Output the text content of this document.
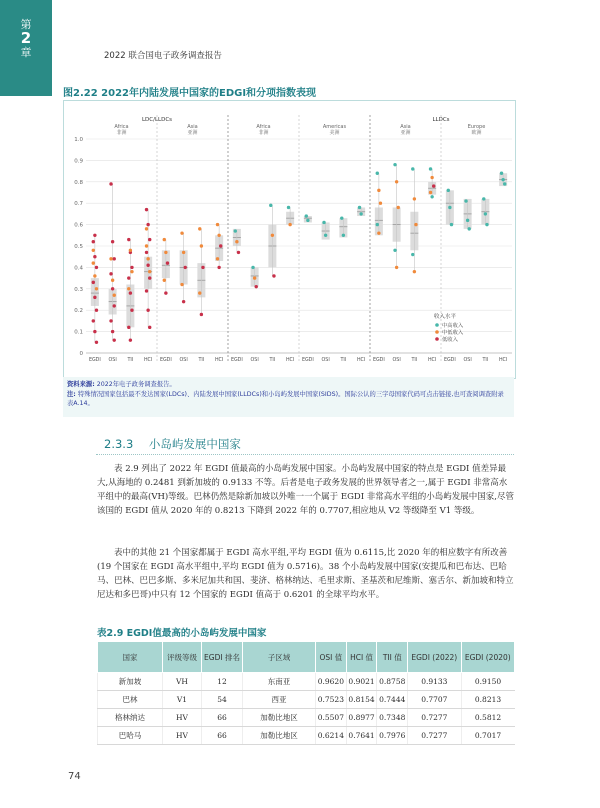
第
2
章	2022 联合国电子政务调查报告
图2.22 2022年内陆发展中国家的EDGI和分项指数表现
0
0.1
0.2
0.3
0.4
0.5
0.6
0.7
0.8
0.9
1.0
LDC/LLDCs
Africa
非洲
Asia
亚洲
Africa
非洲
Americas
美洲
LLDCs
Asia
亚洲
Europe
欧洲
EGDI OSI TII HCI EGDI OSI TII HCI EGDI OSI TII HCI EGDI OSI TII HCI EGDI OSI TII HCI EGDI OSI TII HCI
收入水平
中高收入
中低收入
低收入
资料来源: 2022年电子政务调查报告。
注: 特殊情况国家包括最不发达国家(LDCs)、内陆发展中国家(LLDCs)和小岛屿发展中国家(SIDS)。国际公认的三字母国家代码可点击链接,也可查阅调查附录表A.14。
2.3.3 小岛屿发展中国家
表 2.9 列出了 2022 年 EGDI 值最高的小岛屿发展中国家。小岛屿发展中国家的特点是 EGDI 值差异最大,从海地的 0.2481 到新加坡的 0.9133 不等。后者是电子政务发展的世界领导者之一,属于 EGDI 非常高水平组中的最高(VH)等级。巴林仍然是除新加坡以外唯一一个属于 EGDI 非常高水平组的小岛屿发展中国家,尽管该国的 EGDI 值从 2020 年的 0.8213 下降到 2022 年的 0.7707,相应地从 V2 等级降至 V1 等级。
表中的其他 21 个国家都属于 EGDI 高水平组,平均 EGDI 值为 0.6115,比 2020 年的相应数字有所改善(19 个国家在 EGDI 高水平组中,平均 EGDI 值为 0.5716)。38 个小岛屿发展中国家(安提瓜和巴布达、巴哈马、巴林、巴巴多斯、多米尼加共和国、斐济、格林纳达、毛里求斯、圣基茨和尼维斯、塞舌尔、新加坡和特立尼达和多巴哥)中只有 12 个国家的 EGDI 值高于 0.6201 的全球平均水平。
表2.9 EGDI值最高的小岛屿发展中国家
国家	评级等级	EGDI 排名	子区域	OSI 值	HCI 值	TII 值	EGDI (2022)	EGDI (2020)
新加坡	VH	12	东南亚	0.9620	0.9021	0.8758	0.9133	0.9150
巴林	V1	54	西亚	0.7523	0.8154	0.7444	0.7707	0.8213
格林纳达	HV	66	加勒比地区	0.5507	0.8977	0.7348	0.7277	0.5812
巴哈马	HV	66	加勒比地区	0.6214	0.7641	0.7976	0.7277	0.7017
74
